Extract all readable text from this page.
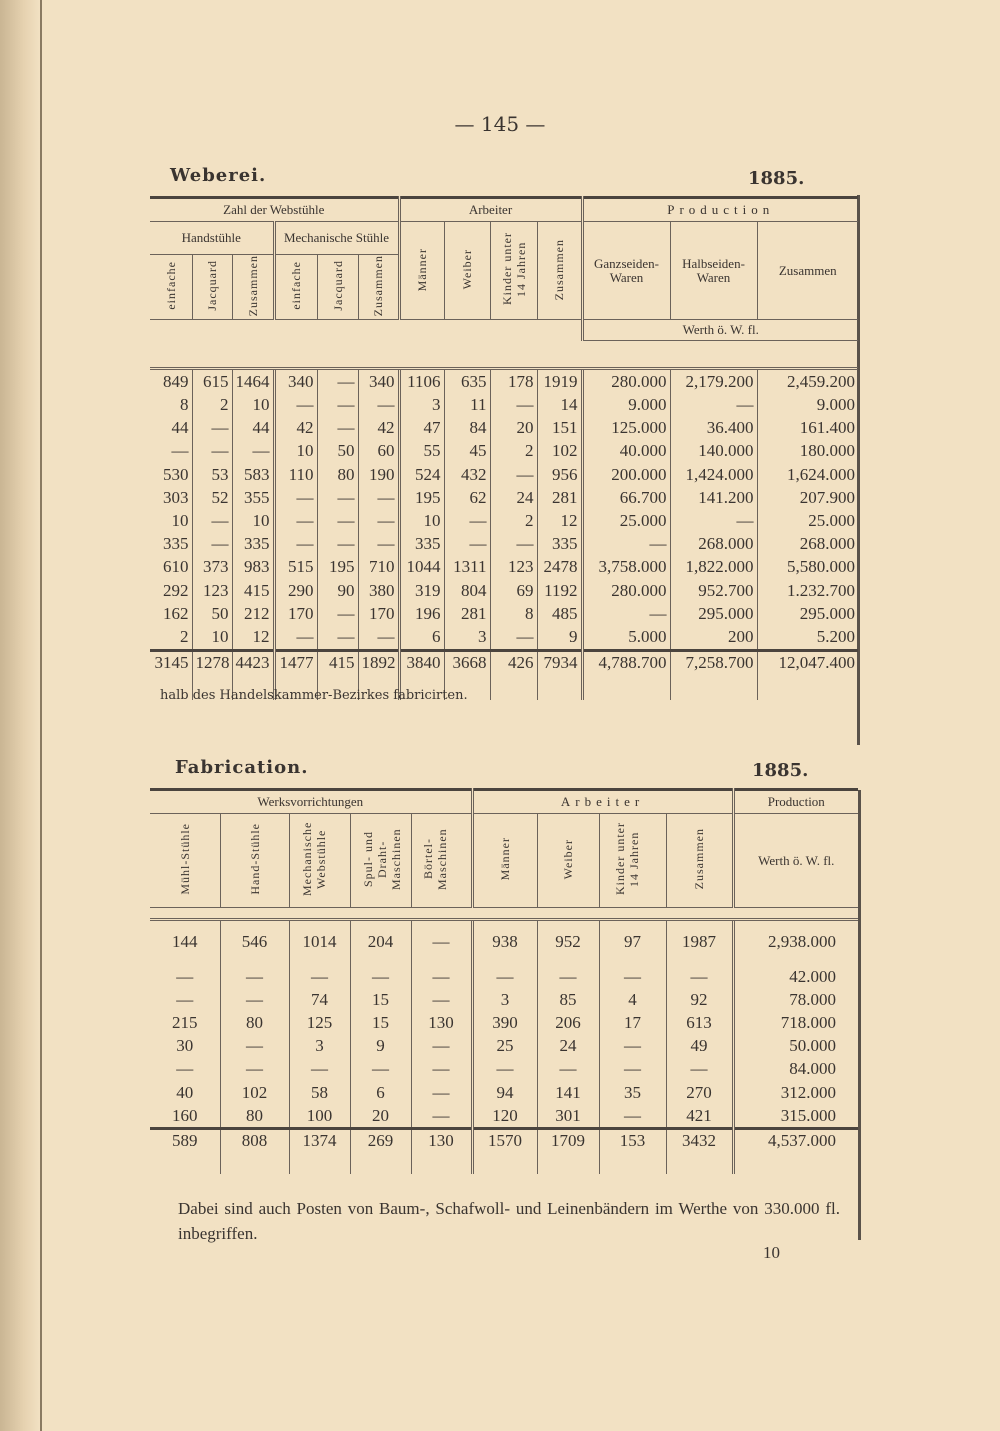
— 145 —
Weberei.	1885.
Zahl der Webstühle						Arbeiter				Production		
Handstühle			Mechanische Stühle			Männer	Weiber	Kinder unter 14 Jahren	Zusammen	Ganzseiden-Waren	Halbseiden-Waren	Zusammen
einfache	Jacquard	Zusammen	einfache	Jacquard	Zusammen							
										Werth ö. W. fl.		

849	615	1464	340	—	340	1106	635	178	1919	280.000	2,179.200	2,459.200
8	2	10	—	—	—	3	11	—	14	9.000	—	9.000
44	—	44	42	—	42	47	84	20	151	125.000	36.400	161.400
—	—	—	10	50	60	55	45	2	102	40.000	140.000	180.000
530	53	583	110	80	190	524	432	—	956	200.000	1,424.000	1,624.000
303	52	355	—	—	—	195	62	24	281	66.700	141.200	207.900
10	—	10	—	—	—	10	—	2	12	25.000	—	25.000
335	—	335	—	—	—	335	—	—	335	—	268.000	268.000
610	373	983	515	195	710	1044	1311	123	2478	3,758.000	1,822.000	5,580.000
292	123	415	290	90	380	319	804	69	1192	280.000	952.700	1.232.700
162	50	212	170	—	170	196	281	8	485	—	295.000	295.000
2	10	12	—	—	—	6	3	—	9	5.000	200	5.200
3145	1278	4423	1477	415	1892	3840	3668	426	7934	4,788.700	7,258.700	12,047.400
halb des Handelskammer-Bezirkes fabricirten.
Fabrication.	1885.
Werksvorrichtungen					Arbeiter				Production
Mühl-Stühle	Hand-Stühle	Mechanische Webstühle	Spul- und Draht-Maschinen	Börtel-Maschinen	Männer	Weiber	Kinder unter 14 Jahren	Zusammen	Werth ö. W. fl.

144	546	1014	204	—	938	952	97	1987	2,938.000

—	—	—	—	—	—	—	—	—	42.000
—	—	74	15	—	3	85	4	92	78.000
215	80	125	15	130	390	206	17	613	718.000
30	—	3	9	—	25	24	—	49	50.000
—	—	—	—	—	—	—	—	—	84.000
40	102	58	6	—	94	141	35	270	312.000
160	80	100	20	—	120	301	—	421	315.000
589	808	1374	269	130	1570	1709	153	3432	4,537.000
Dabei sind auch Posten von Baum-, Schafwoll- und Leinenbändern im Werthe von 330.000 fl. inbegriffen.
10
